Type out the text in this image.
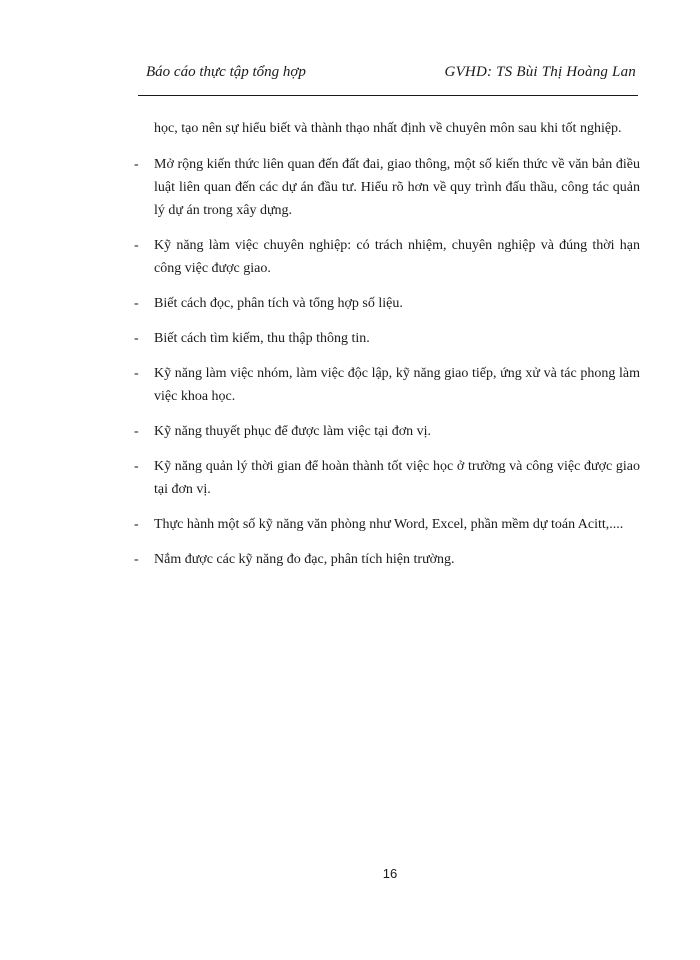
Báo cáo thực tập tổng hợp	GVHD: TS Bùi Thị Hoàng Lan

học, tạo nên sự hiểu biết và thành thạo nhất định về chuyên môn sau khi tốt nghiệp.

- Mở rộng kiến thức liên quan đến đất đai, giao thông, một số kiến thức về văn bản điều luật liên quan đến các dự án đầu tư. Hiểu rõ hơn về quy trình đấu thầu, công tác quản lý dự án trong xây dựng.
- Kỹ năng làm việc chuyên nghiệp: có trách nhiệm, chuyên nghiệp và đúng thời hạn công việc được giao.
- Biết cách đọc, phân tích và tổng hợp số liệu.
- Biết cách tìm kiếm, thu thập thông tin.
- Kỹ năng làm việc nhóm, làm việc độc lập, kỹ năng giao tiếp, ứng xử và tác phong làm việc khoa học.
- Kỹ năng thuyết phục để được làm việc tại đơn vị.
- Kỹ năng quản lý thời gian để hoàn thành tốt việc học ở trường và công việc được giao tại đơn vị.
- Thực hành một số kỹ năng văn phòng như Word, Excel, phần mềm dự toán Acitt,....
- Nắm được các kỹ năng đo đạc, phân tích hiện trường.
16
